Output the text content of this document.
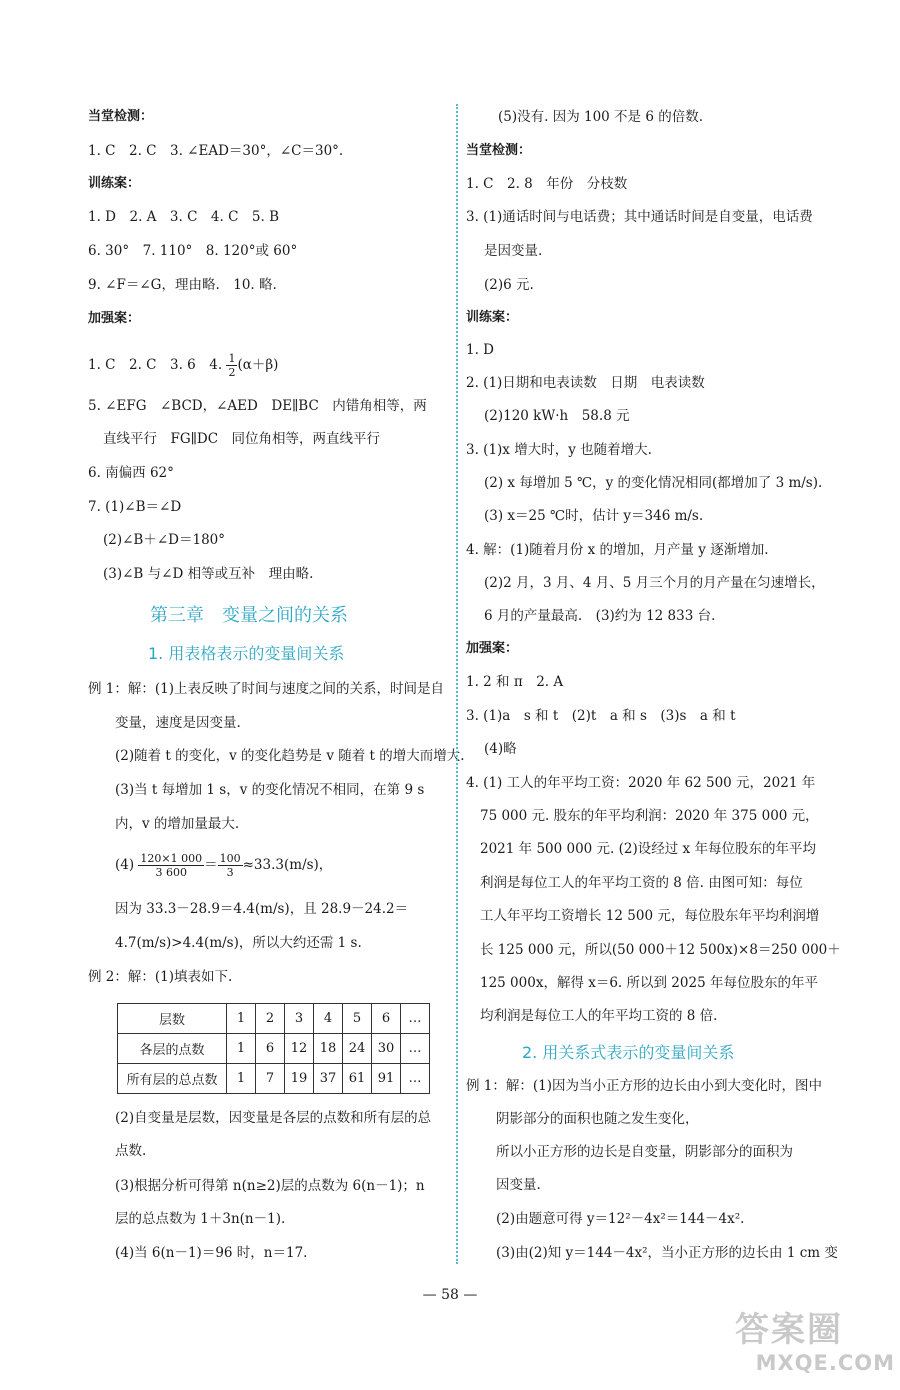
当堂检测：
1. C　2. C　3. ∠EAD＝30°，∠C＝30°.
训练案：
1. D　2. A　3. C　4. C　5. B
6. 30°　7. 110°　8. 120°或 60°
9. ∠F＝∠G，理由略.　10. 略.
加强案：
1. C　2. C　3. 6　4. $\frac{1}{2} (\alpha+\beta)$
5. ∠EFG　∠BCD，∠AED　DE∥BC　内错角相等，两
直线平行　FG∥DC　同位角相等，两直线平行
6. 南偏西 62°
7. (1)∠B＝∠D
(2)∠B＋∠D＝180°
(3)∠B 与∠D 相等或互补　理由略.
第三章　变量之间的关系
1. 用表格表示的变量间关系
例 1：解：(1)上表反映了时间与速度之间的关系，时间是自
变量，速度是因变量.
(2)随着 t 的变化，v 的变化趋势是 v 随着 t 的增大而增大.
(3)当 t 每增加 1 s，v 的变化情况不相同，在第 9 s
内，v 的增加量最大.
$(4) \frac{120\times 1 000}{3 600} = \frac{100}{3} \approx 33.3(m/s)$，
因为 33.3－28.9＝4.4(m/s)，且 28.9－24.2＝
4.7(m/s)>4.4(m/s)，所以大约还需 1 s.
例 2：解：(1)填表如下.
层数	1	2	3	4	5	6	…
各层的点数	1	6	12	18	24	30	…
所有层的总点数	1	7	19	37	61	91	…
(2)自变量是层数，因变量是各层的点数和所有层的总
点数.
(3)根据分析可得第 n(n≥2)层的点数为 6(n－1)；n
层的总点数为 1＋3n(n－1).
(4)当 6(n－1)＝96 时，n＝17.
(5)没有. 因为 100 不是 6 的倍数.
当堂检测：
1. C　2. 8　年份　分枝数
3. (1)通话时间与电话费；其中通话时间是自变量，电话费
是因变量.
(2)6 元.
训练案：
1. D
2. (1)日期和电表读数　日期　电表读数
(2)120 kW·h　58.8 元
3. (1)x 增大时，y 也随着增大.
(2) x 每增加 5 ℃，y 的变化情况相同(都增加了 3 m/s).
(3) x＝25 ℃时，估计 y＝346 m/s.
4. 解：(1)随着月份 x 的增加，月产量 y 逐渐增加.
(2)2 月，3 月、4 月、5 月三个月的月产量在匀速增长，
6 月的产量最高.　(3)约为 12 833 台.
加强案：
1. 2 和 π　2. A
3. (1)a　s 和 t　(2)t　a 和 s　(3)s　a 和 t
(4)略
4. (1) 工人的年平均工资：2020 年 62 500 元，2021 年
75 000 元. 股东的年平均利润：2020 年 375 000 元，
2021 年 500 000 元. (2)设经过 x 年每位股东的年平均
利润是每位工人的年平均工资的 8 倍. 由图可知：每位
工人年平均工资增长 12 500 元，每位股东年平均利润增
长 125 000 元，所以(50 000＋12 500x)×8＝250 000＋
125 000x，解得 x＝6. 所以到 2025 年每位股东的年平
均利润是每位工人的年平均工资的 8 倍.
2. 用关系式表示的变量间关系
例 1：解：(1)因为当小正方形的边长由小到大变化时，图中
阴影部分的面积也随之发生变化，
所以小正方形的边长是自变量，阴影部分的面积为
因变量.
(2)由题意可得 y＝12²－4x²＝144－4x².
(3)由(2)知 y＝144－4x²，当小正方形的边长由 1 cm 变
— 58 —
答案圈
MXQE.COM
